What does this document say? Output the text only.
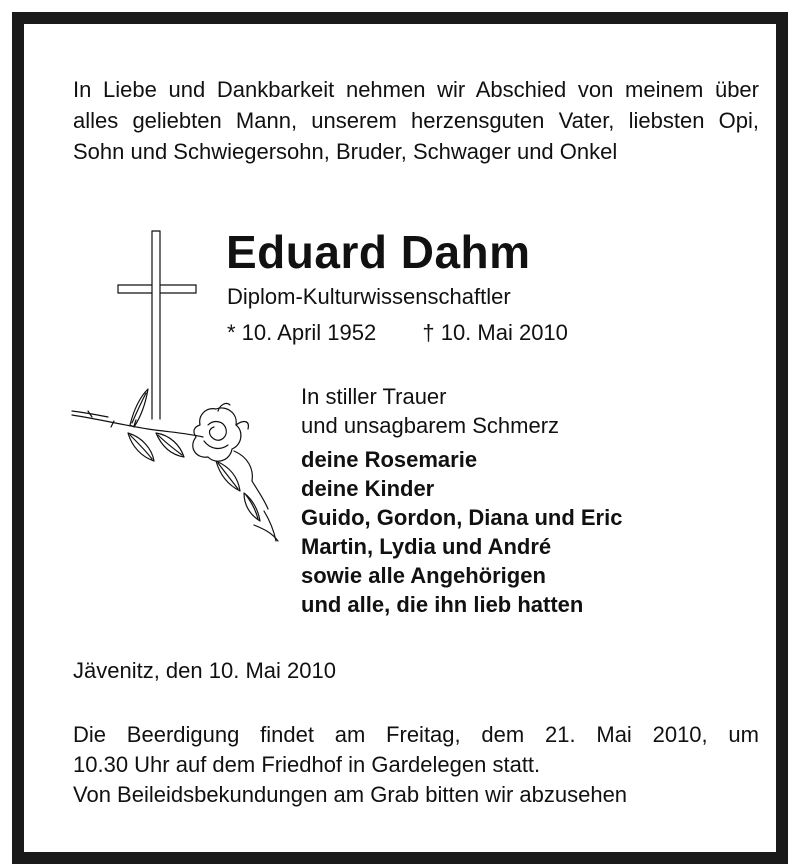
In Liebe und Dankbarkeit nehmen wir Abschied von meinem über alles geliebten Mann, unserem herzensguten Vater, liebsten Opi, Sohn und Schwiegersohn, Bruder, Schwager und Onkel
Eduard Dahm
Diplom-Kulturwissenschaftler
* 10. April 1952 † 10. Mai 2010
In stiller Trauer
und unsagbarem Schmerz
deine Rosemarie
deine Kinder
Guido, Gordon, Diana und Eric
Martin, Lydia und André
sowie alle Angehörigen
und alle, die ihn lieb hatten
Jävenitz, den 10. Mai 2010
Die Beerdigung findet am Freitag, dem 21. Mai 2010, um
10.30 Uhr auf dem Friedhof in Gardelegen statt.
Von Beileidsbekundungen am Grab bitten wir abzusehen
